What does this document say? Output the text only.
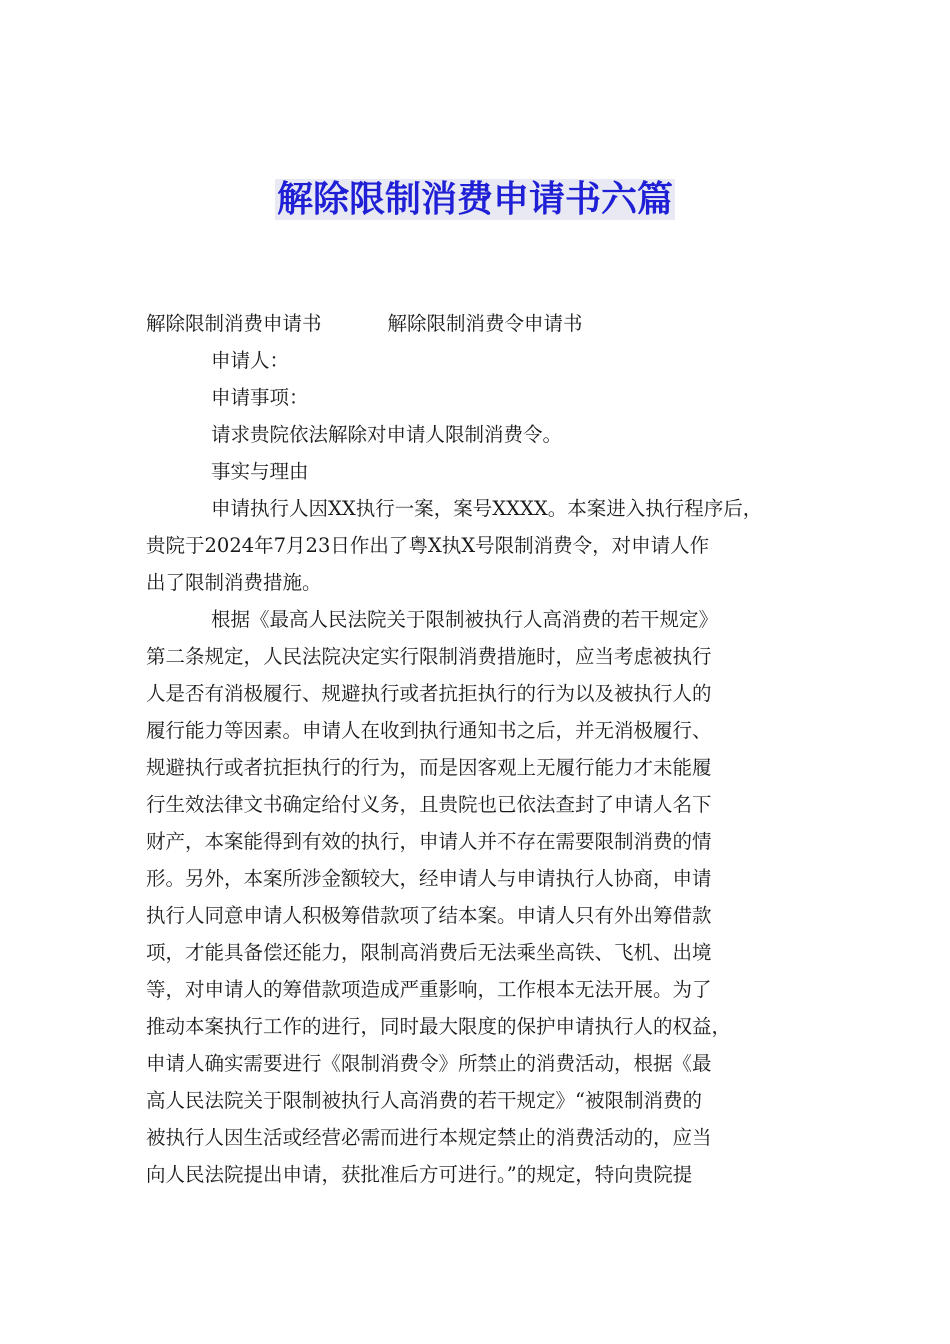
解除限制消费申请书六篇
解除限制消费申请书	解除限制消费令申请书
申请人：
申请事项：
请求贵院依法解除对申请人限制消费令。
事实与理由
申请执行人因XX执行一案，案号XXXX。本案进入执行程序后，
贵院于2024年7月23日作出了粤X执X号限制消费令，对申请人作
出了限制消费措施。
根据《最高人民法院关于限制被执行人高消费的若干规定》
第二条规定，人民法院决定实行限制消费措施时，应当考虑被执行
人是否有消极履行、规避执行或者抗拒执行的行为以及被执行人的
履行能力等因素。申请人在收到执行通知书之后，并无消极履行、
规避执行或者抗拒执行的行为，而是因客观上无履行能力才未能履
行生效法律文书确定给付义务，且贵院也已依法查封了申请人名下
财产，本案能得到有效的执行，申请人并不存在需要限制消费的情
形。另外，本案所涉金额较大，经申请人与申请执行人协商，申请
执行人同意申请人积极筹借款项了结本案。申请人只有外出筹借款
项，才能具备偿还能力，限制高消费后无法乘坐高铁、飞机、出境
等，对申请人的筹借款项造成严重影响，工作根本无法开展。为了
推动本案执行工作的进行，同时最大限度的保护申请执行人的权益，
申请人确实需要进行《限制消费令》所禁止的消费活动，根据《最
高人民法院关于限制被执行人高消费的若干规定》“被限制消费的
被执行人因生活或经营必需而进行本规定禁止的消费活动的，应当
向人民法院提出申请，获批准后方可进行。”的规定，特向贵院提
